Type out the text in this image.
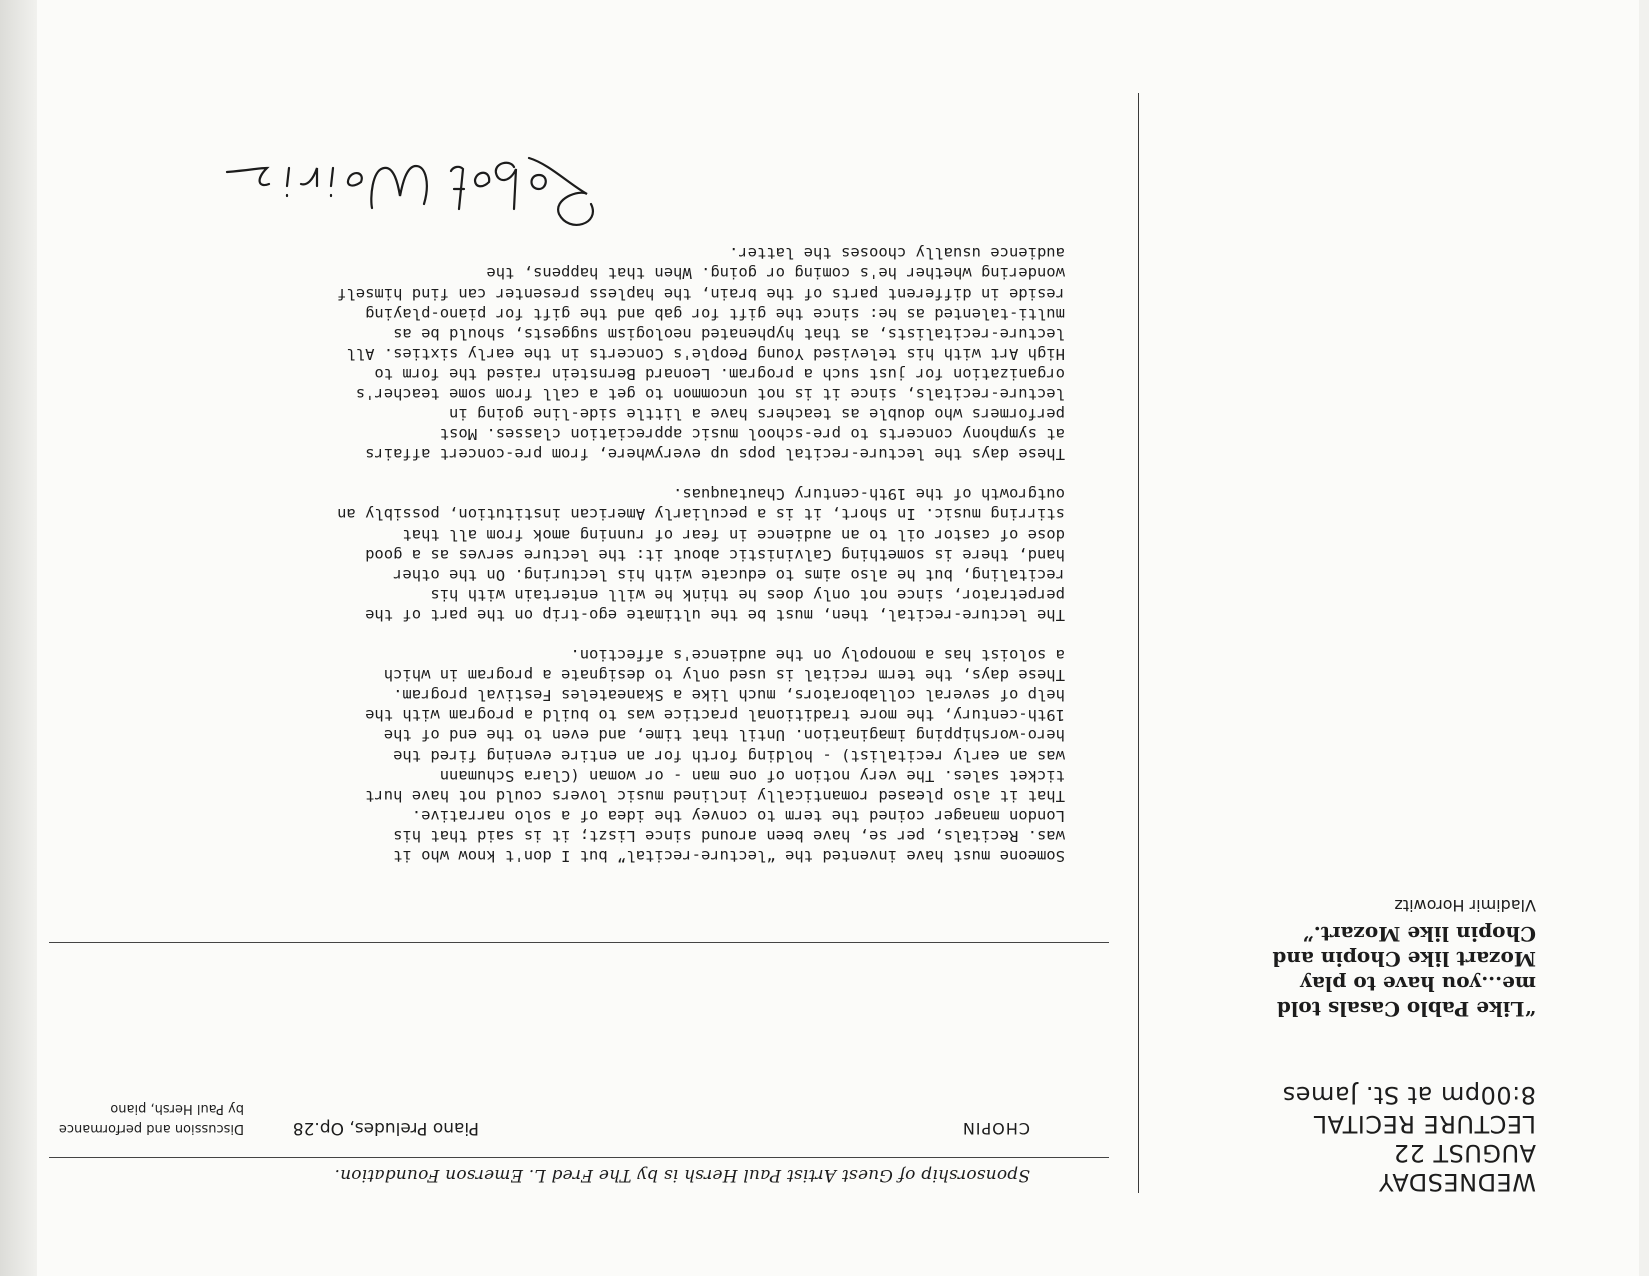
WEDNESDAY
AUGUST 22
LECTURE RECITAL
8:00pm at St. James
“Like Pablo Casals told
me...you have to play
Mozart like Chopin and
Chopin like Mozart.”
Vladimir Horowitz
Sponsorship of Guest Artist Paul Hersh is by The Fred L. Emerson Foundation.
CHOPIN
Piano Preludes, Op.28
Discussion and performance
by Paul Hersh, piano

Someone must have invented the “lecture-recital” but I don't know who it
was. Recitals, per se, have been around since Liszt; it is said that his
London manager coined the term to convey the idea of a solo narrative.
That it also pleased romantically inclined music lovers could not have hurt
ticket sales. The very notion of one man - or woman (Clara Schumann
was an early recitalist) - holding forth for an entire evening fired the
hero-worshipping imagination. Until that time, and even to the end of the
19th-century, the more traditional practice was to build a program with the
help of several collaborators, much like a Skaneateles Festival program.
These days, the term recital is used only to designate a program in which
a soloist has a monopoly on the audience's affection.

The lecture-recital, then, must be the ultimate ego-trip on the part of the
perpetrator, since not only does he think he will entertain with his
recitaling, but he also aims to educate with his lecturing. On the other
hand, there is something Calvinistic about it: the lecture serves as a good
dose of castor oil to an audience in fear of running amok from all that
stirring music. In short, it is a peculiarly American institution, possibly an
outgrowth of the 19th-century Chautauquas.

These days the lecture-recital pops up everywhere, from pre-concert affairs
at symphony concerts to pre-school music appreciation classes. Most
performers who double as teachers have a little side-line going in
lecture-recitals, since it is not uncommon to get a call from some teacher's
organization for just such a program. Leonard Bernstein raised the form to
High Art with his televised Young People's Concerts in the early sixties. All
lecture-recitalists, as that hyphenated neologism suggests, should be as
multi-talented as he: since the gift for gab and the gift for piano-playing
reside in different parts of the brain, the hapless presenter can find himself
wondering whether he's coming or going. When that happens, the
audience usually chooses the latter.
